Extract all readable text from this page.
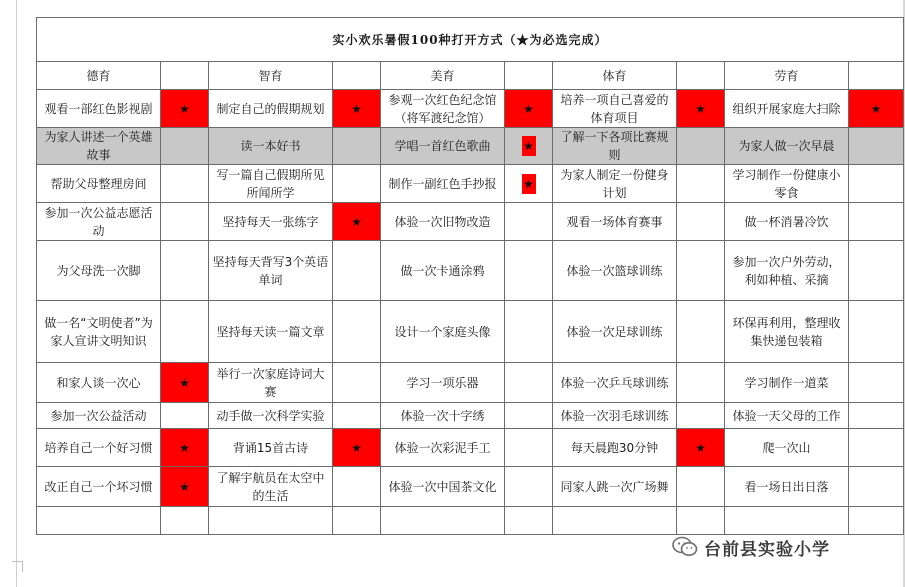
实小欢乐暑假100种打开方式（★为必选完成）									
德育		智育		美育		体育		劳育	
观看一部红色影视剧	★	制定自己的假期规划	★	参观一次红色纪念馆（将军渡纪念馆）	★	培养一项自己喜爱的体育项目	★	组织开展家庭大扫除	★
为家人讲述一个英雄故事		读一本好书		学唱一首红色歌曲	★	了解一下各项比赛规则		为家人做一次早晨	
帮助父母整理房间		写一篇自己假期所见所闻所学		制作一副红色手抄报	★	为家人制定一份健身计划		学习制作一份健康小零食	
参加一次公益志愿活动		坚持每天一张练字	★	体验一次旧物改造		观看一场体育赛事		做一杯消暑冷饮	
为父母洗一次脚		坚持每天背写3个英语单词		做一次卡通涂鸦		体验一次篮球训练		参加一次户外劳动，利如种植、采摘	
做一名“文明使者”为家人宣讲文明知识		坚持每天读一篇文章		设计一个家庭头像		体验一次足球训练		环保再利用，整理收集快递包装箱	
和家人谈一次心	★	举行一次家庭诗词大赛		学习一项乐器		体验一次乒乓球训练		学习制作一道菜	
参加一次公益活动		动手做一次科学实验		体验一次十字绣		体验一次羽毛球训练		体验一天父母的工作	
培养自己一个好习惯	★	背诵15首古诗	★	体验一次彩泥手工		每天晨跑30分钟	★	爬一次山	
改正自己一个坏习惯	★	了解宇航员在太空中的生活		体验一次中国茶文化		同家人跳一次广场舞		看一场日出日落	

台前县实验小学
